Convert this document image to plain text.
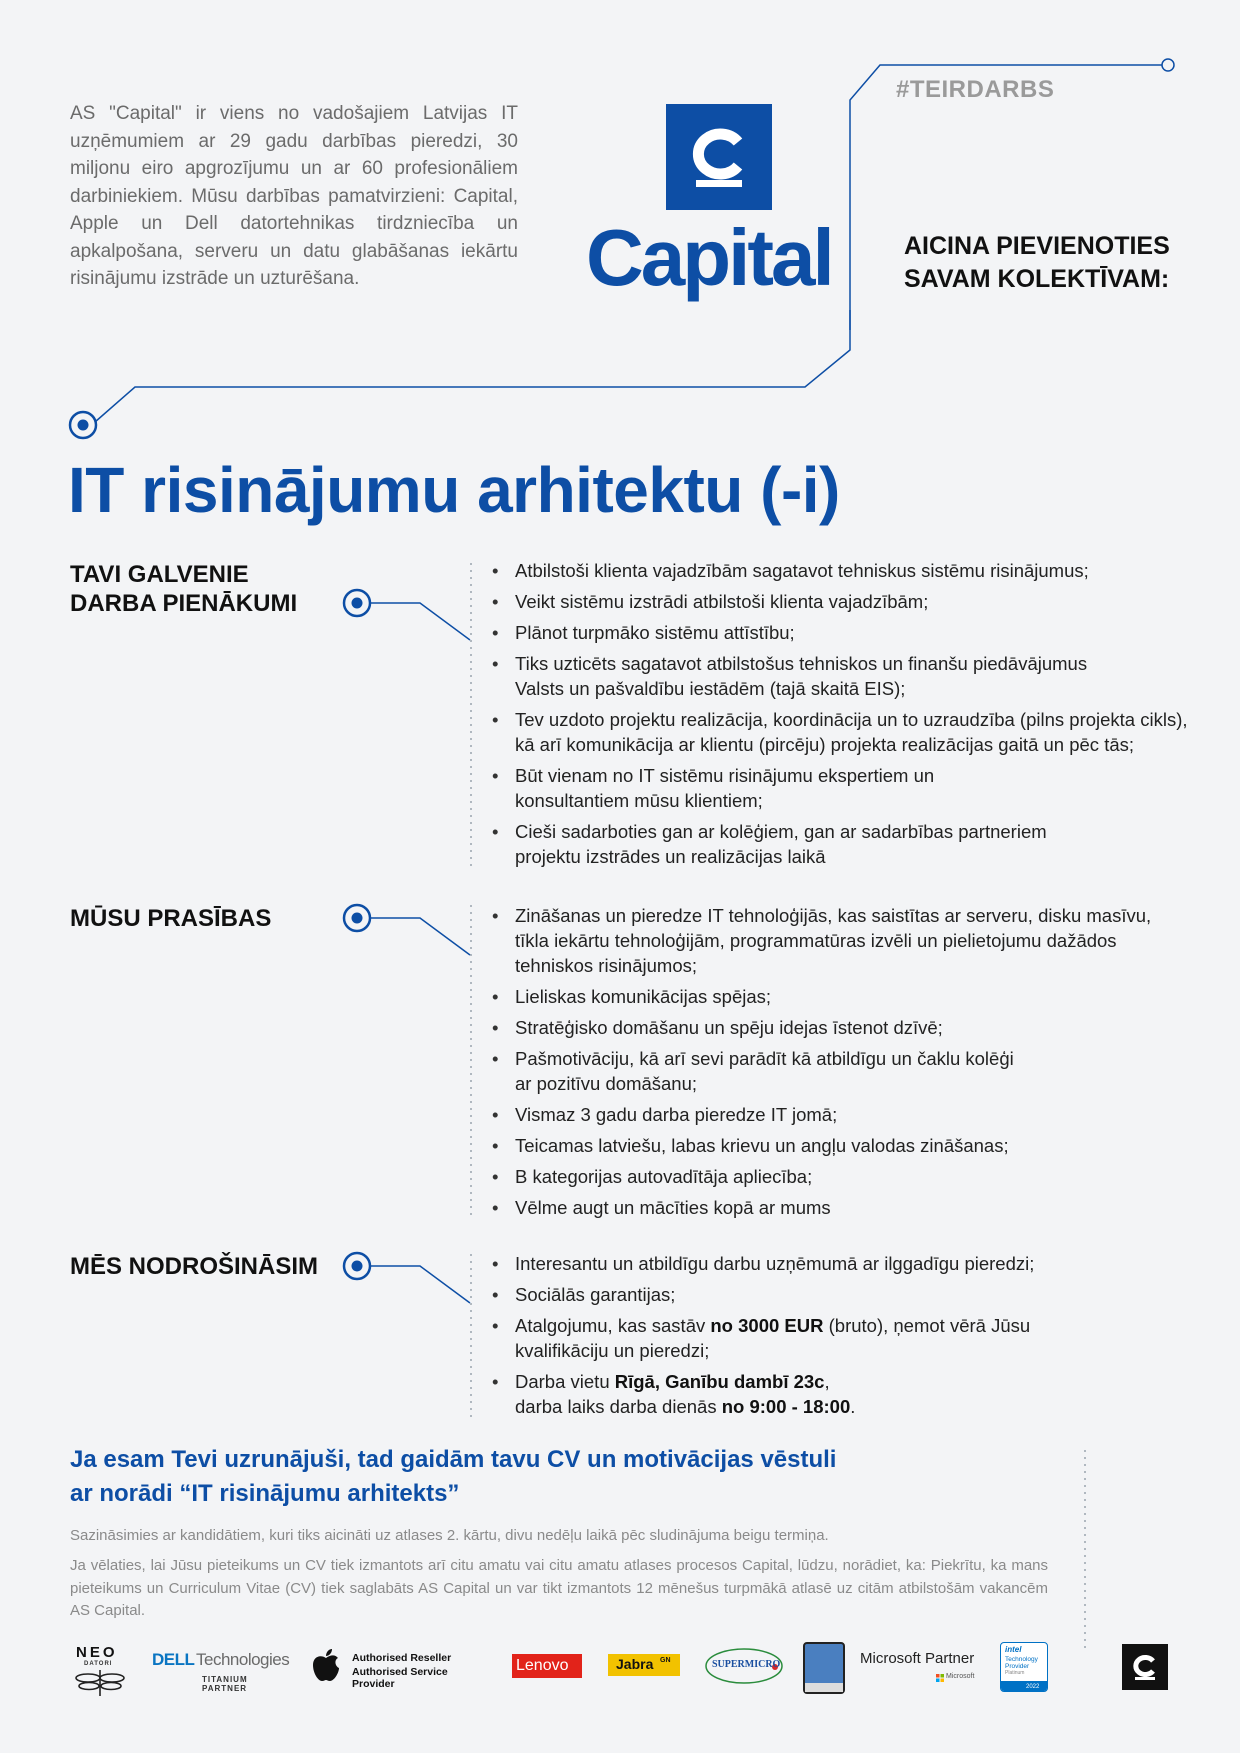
AS "Capital" ir viens no vadošajiem Latvijas IT uzņēmumiem ar 29 gadu darbības pieredzi, 30 miljonu eiro apgrozījumu un ar 60 profesionāliem darbiniekiem. Mūsu darbības pamatvirzieni: Capital, Apple un Dell datortehnikas tirdzniecība un apkalpošana, serveru un datu glabāšanas iekārtu risinājumu izstrāde un uzturēšana.

#TEIRDARBS
Capital	AICINA PIEVIENOTIES
SAVAM KOLEKTĪVAM:
IT risinājumu arhitektu (-i)
TAVI GALVENIE
DARBA PIENĀKUMI
• Atbilstoši klienta vajadzībām sagatavot tehniskus sistēmu risinājumus;
• Veikt sistēmu izstrādi atbilstoši klienta vajadzībām;
• Plānot turpmāko sistēmu attīstību;
• Tiks uzticēts sagatavot atbilstošus tehniskos un finanšu piedāvājumus
Valsts un pašvaldību iestādēm (tajā skaitā EIS);
• Tev uzdoto projektu realizācija, koordinācija un to uzraudzība (pilns projekta cikls),
kā arī komunikācija ar klientu (pircēju) projekta realizācijas gaitā un pēc tās;
• Būt vienam no IT sistēmu risinājumu ekspertiem un
konsultantiem mūsu klientiem;
• Cieši sadarboties gan ar kolēģiem, gan ar sadarbības partneriem
projektu izstrādes un realizācijas laikā
MŪSU PRASĪBAS	• Zināšanas un pieredze IT tehnoloģijās, kas saistītas ar serveru, disku masīvu,
tīkla iekārtu tehnoloģijām, programmatūras izvēli un pielietojumu dažādos
tehniskos risinājumos;
• Lieliskas komunikācijas spējas;
• Stratēģisko domāšanu un spēju idejas īstenot dzīvē;
• Pašmotivāciju, kā arī sevi parādīt kā atbildīgu un čaklu kolēģi
ar pozitīvu domāšanu;
• Vismaz 3 gadu darba pieredze IT jomā;
• Teicamas latviešu, labas krievu un angļu valodas zināšanas;
• B kategorijas autovadītāja apliecība;
• Vēlme augt un mācīties kopā ar mums
MĒS NODROŠINĀSIM	• Interesantu un atbildīgu darbu uzņēmumā ar ilggadīgu pieredzi;
• Sociālās garantijas;
• Atalgojumu, kas sastāv no 3000 EUR (bruto), ņemot vērā Jūsu
kvalifikāciju un pieredzi;
• Darba vietu Rīgā, Ganību dambī 23c,
darba laiks darba dienās no 9:00 - 18:00.
Ja esam Tevi uzrunājuši, tad gaidām tavu CV un motivācijas vēstuli
ar norādi “IT risinājumu arhitekts”

Sazināsimies ar kandidātiem, kuri tiks aicināti uz atlases 2. kārtu, divu nedēļu laikā pēc sludinājuma beigu termiņa.

Ja vēlaties, lai Jūsu pieteikums un CV tiek izmantots arī citu amatu vai citu amatu atlases procesos Capital, lūdzu, norādiet, ka: Piekrītu, ka mans pieteikums un Curriculum Vitae (CV) tiek saglabāts AS Capital un var tikt izmantots 12 mēnešus turpmākā atlasē uz citām atbilstošām vakancēm AS Capital.

NEO
DATORI DELL Technologies
TITANIUM PARTNER
Authorised Reseller
Authorised Service Provider
Lenovo	Jabra GN	SUPERMICRO	Microsoft Partner
Microsoft
intel
Technology
Provider
Platinum
2022
